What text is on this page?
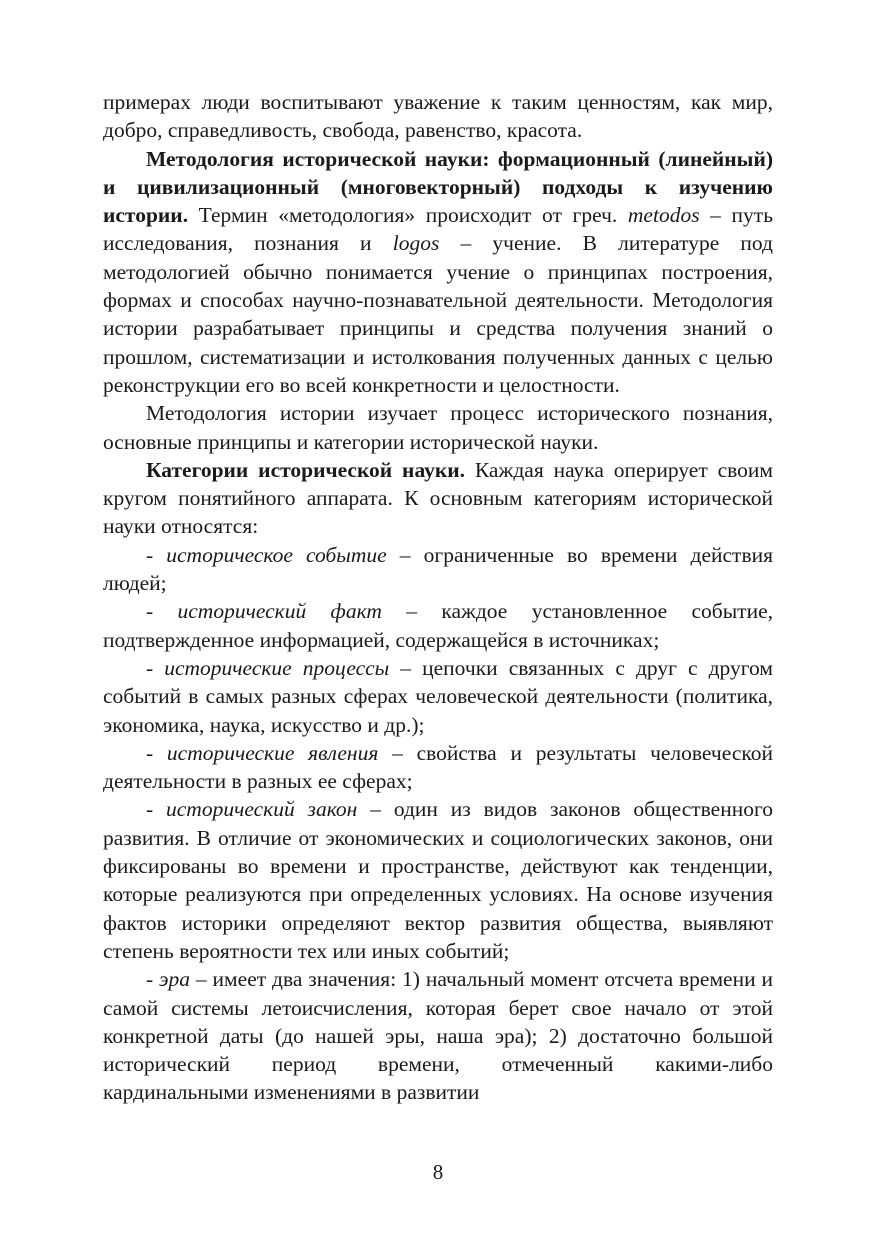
примерах люди воспитывают уважение к таким ценностям, как мир, добро, справедливость, свобода, равенство, красота.

Методология исторической науки: формационный (линейный) и цивилизационный (многовекторный) подходы к изучению истории. Термин «методология» происходит от греч. metodos – путь исследования, познания и logos – учение. В литературе под методологией обычно понимается учение о принципах построения, формах и способах научно-познавательной деятельности. Методология истории разрабатывает принципы и средства получения знаний о прошлом, систематизации и истолкования полученных данных с целью реконструкции его во всей конкретности и целостности.

Методология истории изучает процесс исторического познания, основные принципы и категории исторической науки.

Категории исторической науки. Каждая наука оперирует своим кругом понятийного аппарата. К основным категориям исторической науки относятся:

- историческое событие – ограниченные во времени действия людей;

- исторический факт – каждое установленное событие, подтвержденное информацией, содержащейся в источниках;

- исторические процессы – цепочки связанных с друг с другом событий в самых разных сферах человеческой деятельности (политика, экономика, наука, искусство и др.);

- исторические явления – свойства и результаты человеческой деятельности в разных ее сферах;

- исторический закон – один из видов законов общественного развития. В отличие от экономических и социологических законов, они фиксированы во времени и пространстве, действуют как тенденции, которые реализуются при определенных условиях. На основе изучения фактов историки определяют вектор развития общества, выявляют степень вероятности тех или иных событий;

- эра – имеет два значения: 1) начальный момент отсчета времени и самой системы летоисчисления, которая берет свое начало от этой конкретной даты (до нашей эры, наша эра); 2) достаточно большой исторический период времени, отмеченный какими-либо кардинальными изменениями в развитии

8
